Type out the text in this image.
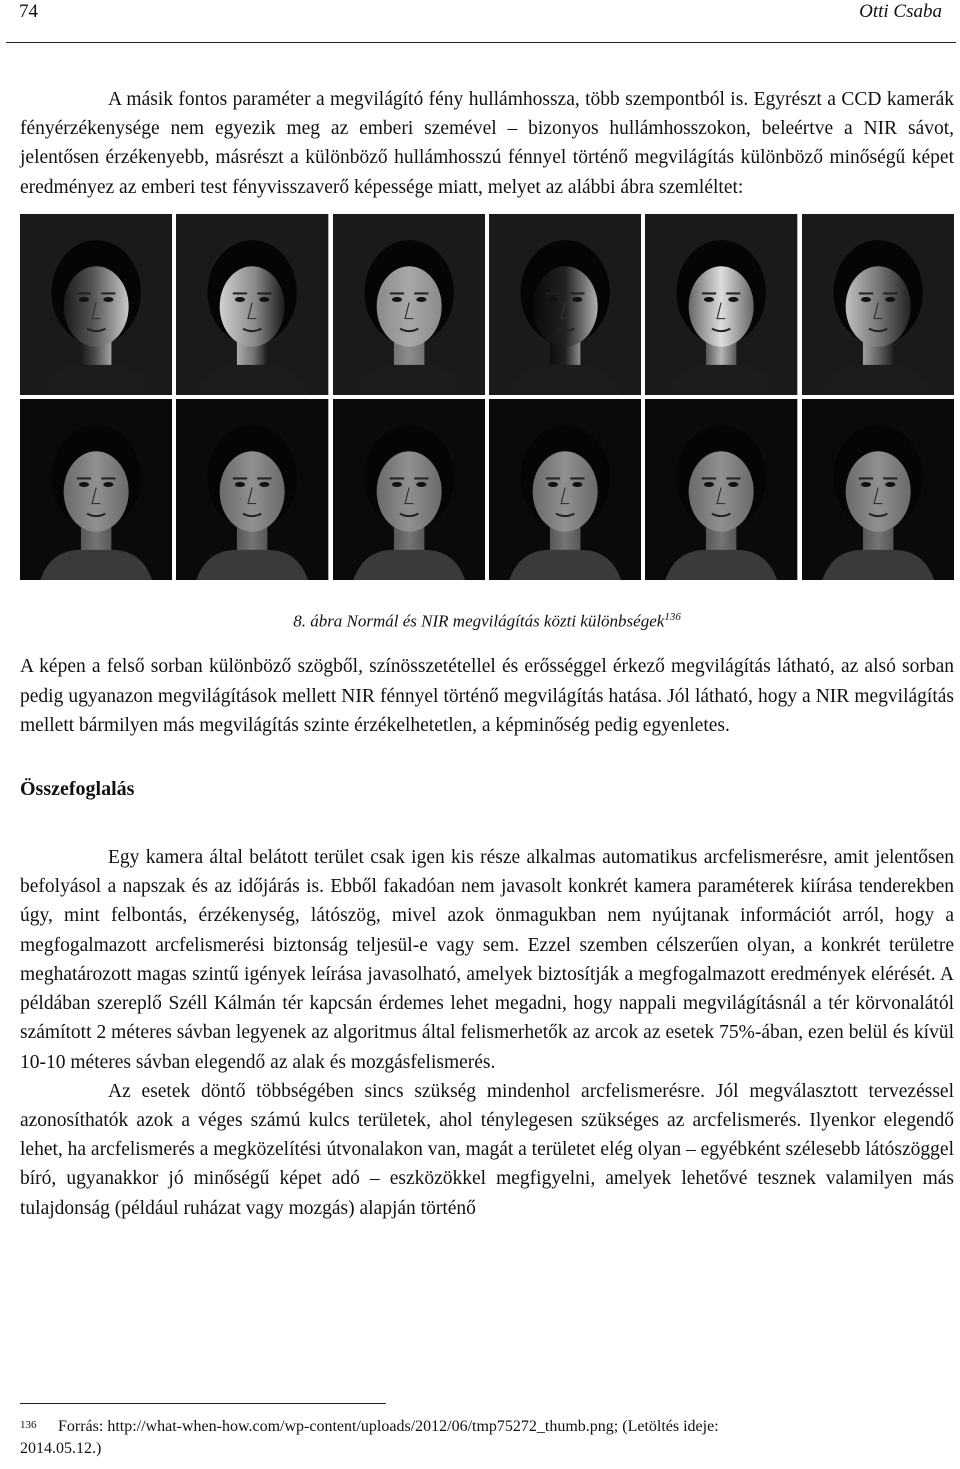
74	Otti Csaba

A másik fontos paraméter a megvilágító fény hullámhossza, több szempontból is. Egyrészt a CCD kamerák fényérzékenysége nem egyezik meg az emberi szemével – bizonyos hullámhosszokon, beleértve a NIR sávot, jelentősen érzékenyebb, másrészt a különböző hullámhosszú fénnyel történő megvilágítás különböző minőségű képet eredményez az emberi test fényvisszaverő képessége miatt, melyet az alábbi ábra szemléltet:

8. ábra Normál és NIR megvilágítás közti különbségek$^{136}$

A képen a felső sorban különböző szögből, színösszetétellel és erősséggel érkező megvilágítás látható, az alsó sorban pedig ugyanazon megvilágítások mellett NIR fénnyel történő megvilágítás hatása. Jól látható, hogy a NIR megvilágítás mellett bármilyen más megvilágítás szinte érzékelhetetlen, a képminőség pedig egyenletes.

Összefoglalás

Egy kamera által belátott terület csak igen kis része alkalmas automatikus arcfelismerésre, amit jelentősen befolyásol a napszak és az időjárás is. Ebből fakadóan nem javasolt konkrét kamera paraméterek kiírása tenderekben úgy, mint felbontás, érzékenység, látószög, mivel azok önmagukban nem nyújtanak információt arról, hogy a megfogalmazott arcfelismerési biztonság teljesül-e vagy sem. Ezzel szemben célszerűen olyan, a konkrét területre meghatározott magas szintű igények leírása javasolható, amelyek biztosítják a megfogalmazott eredmények elérését. A példában szereplő Széll Kálmán tér kapcsán érdemes lehet megadni, hogy nappali megvilágításnál a tér körvonalától számított 2 méteres sávban legyenek az algoritmus által felismerhetők az arcok az esetek 75%-ában, ezen belül és kívül 10-10 méteres sávban elegendő az alak és mozgásfelismerés.

Az esetek döntő többségében sincs szükség mindenhol arcfelismerésre. Jól megválasztott tervezéssel azonosíthatók azok a véges számú kulcs területek, ahol ténylegesen szükséges az arcfelismerés. Ilyenkor elegendő lehet, ha arcfelismerés a megközelítési útvonalakon van, magát a területet elég olyan – egyébként szélesebb látószöggel bíró, ugyanakkor jó minőségű képet adó – eszközökkel megfigyelni, amelyek lehetővé tesznek valamilyen más tulajdonság (például ruházat vagy mozgás) alapján történő

136	Forrás: http://what-when-how.com/wp-content/uploads/2012/06/tmp75272_thumb.png; (Letöltés ideje:
2014.05.12.)
